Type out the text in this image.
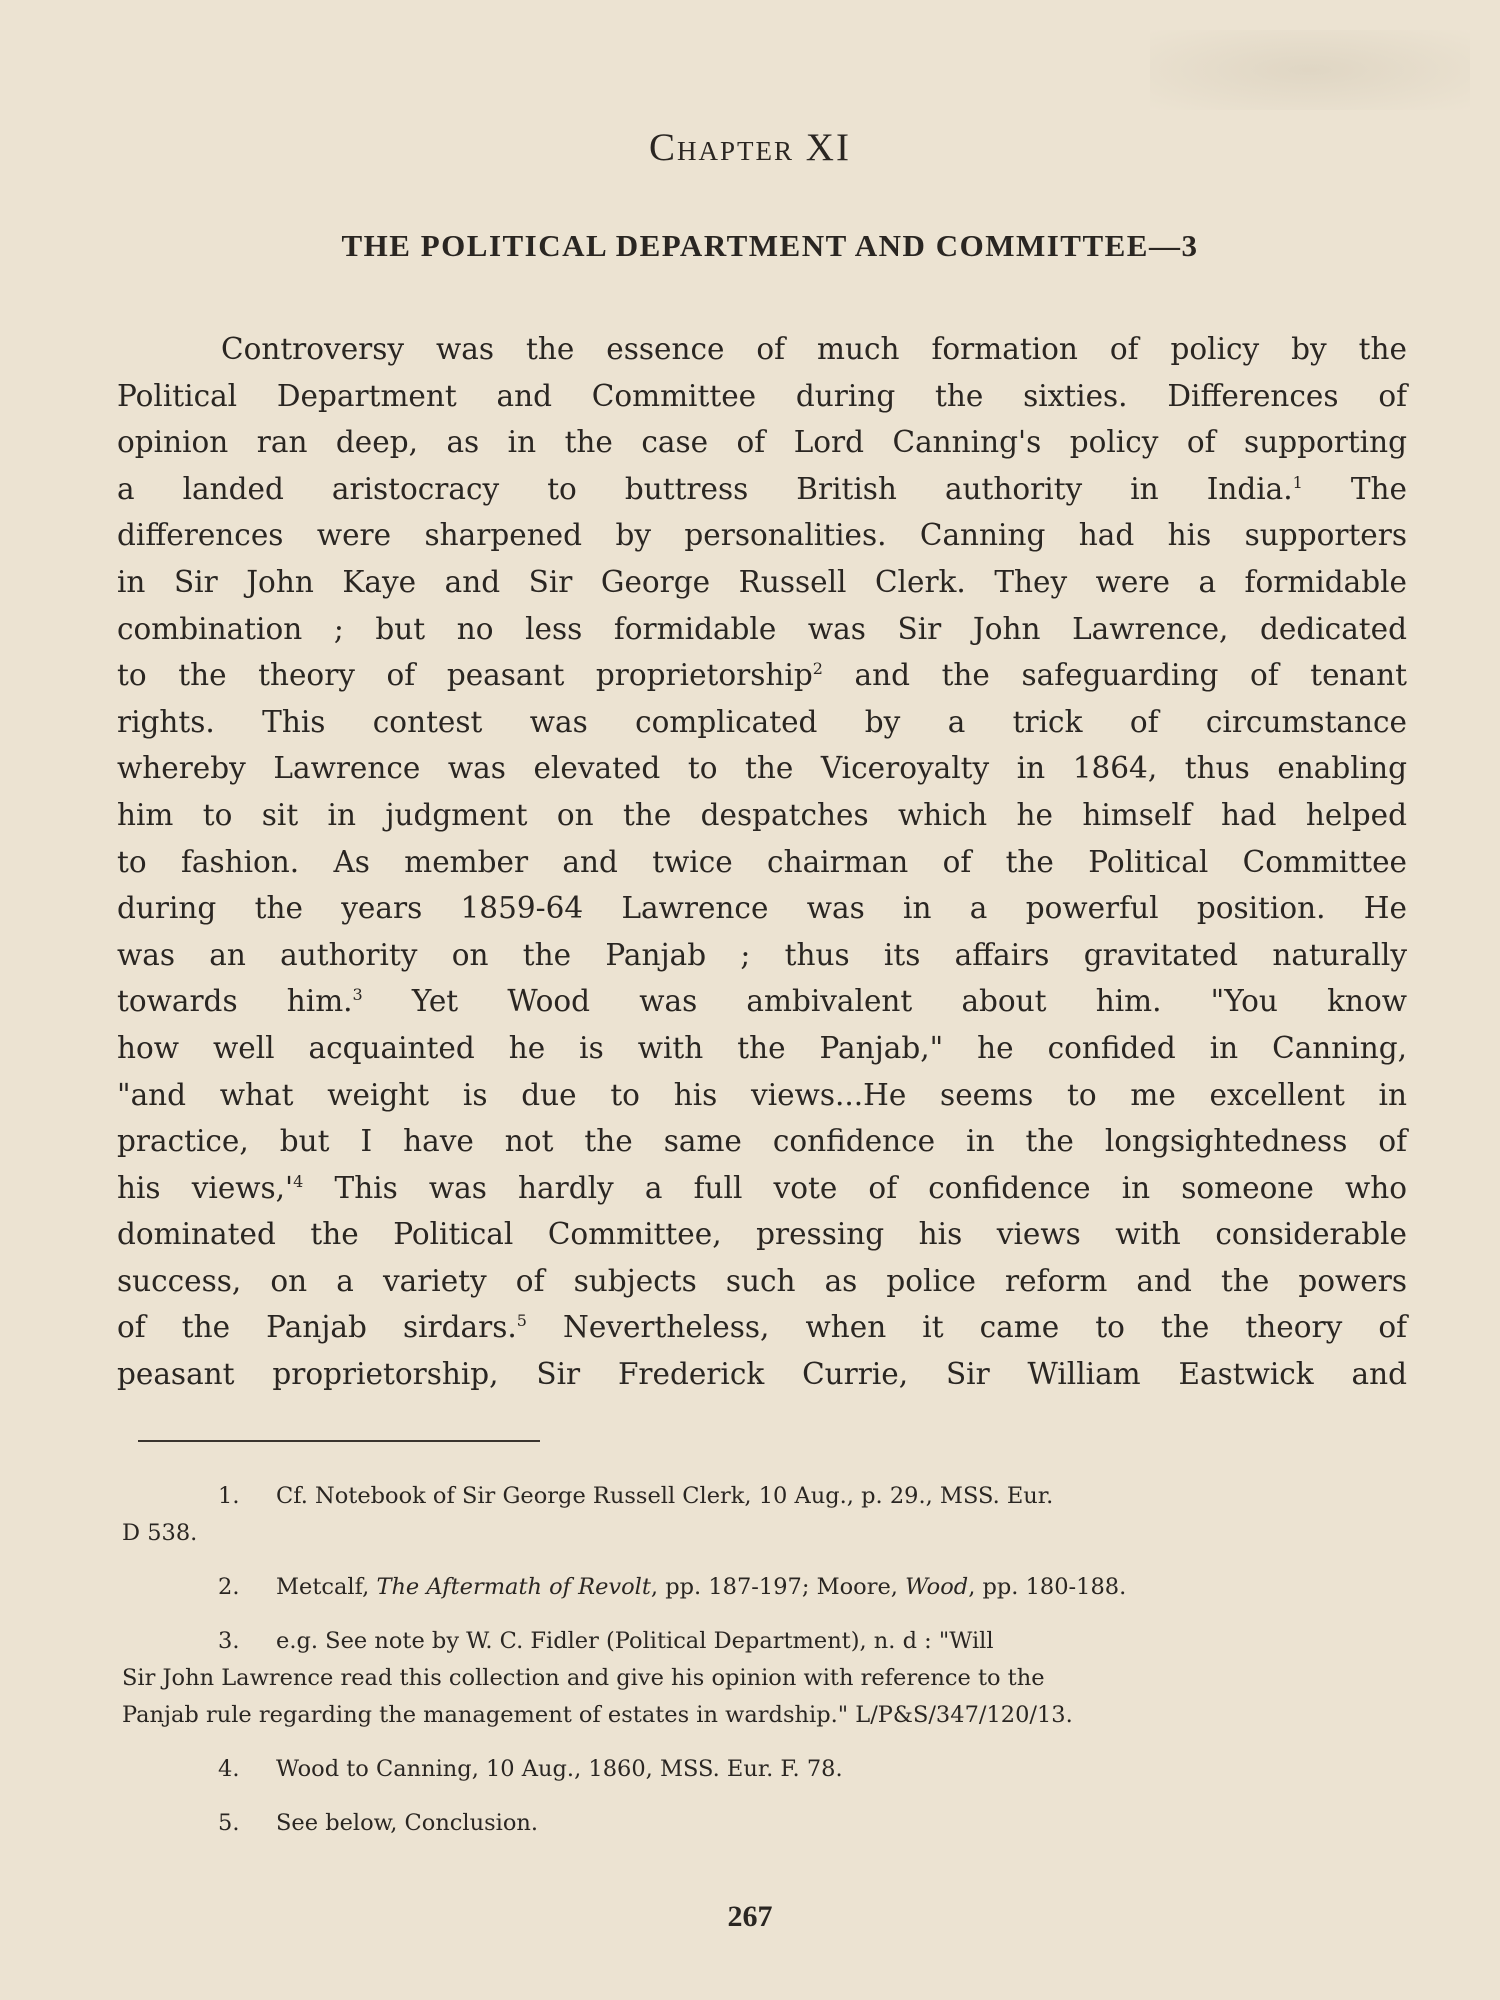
Chapter XI
THE POLITICAL DEPARTMENT AND COMMITTEE—3
Controversy was the essence of much formation of policy by the
Political Department and Committee during the sixties. Differences of
opinion ran deep, as in the case of Lord Canning's policy of supporting
a landed aristocracy to buttress British authority in India.$^1$ The
differences were sharpened by personalities. Canning had his supporters
in Sir John Kaye and Sir George Russell Clerk. They were a formidable
combination ; but no less formidable was Sir John Lawrence, dedicated
to the theory of peasant proprietorship$^2$ and the safeguarding of tenant
rights. This contest was complicated by a trick of circumstance
whereby Lawrence was elevated to the Viceroyalty in 1864, thus enabling
him to sit in judgment on the despatches which he himself had helped
to fashion. As member and twice chairman of the Political Committee
during the years 1859-64 Lawrence was in a powerful position. He
was an authority on the Panjab ; thus its affairs gravitated naturally
towards him.$^3$ Yet Wood was ambivalent about him. "You know
how well acquainted he is with the Panjab," he confided in Canning,
"and what weight is due to his views...He seems to me excellent in
practice, but I have not the same confidence in the longsightedness of
his $views,'^4$ This was hardly a full vote of confidence in someone who
dominated the Political Committee, pressing his views with considerable
success, on a variety of subjects such as police reform and the powers
of the Panjab sirdars.$^5$ Nevertheless, when it came to the theory of
peasant proprietorship, Sir Frederick Currie, Sir William Eastwick and
1. Cf. Notebook of Sir George Russell Clerk, 10 Aug., p. 29., MSS. Eur.
D 538.
2. Metcalf, The Aftermath of Revolt, pp. 187-197; Moore, Wood, pp. 180-188.
3. e.g. See note by W. C. Fidler (Political Department), n. d : "Will
Sir John Lawrence read this collection and give his opinion with reference to the
Panjab rule regarding the management of estates in wardship." L/P&S/347/120/13.
4. Wood to Canning, 10 Aug., 1860, MSS. Eur. F. 78.
5. See below, Conclusion.
267
